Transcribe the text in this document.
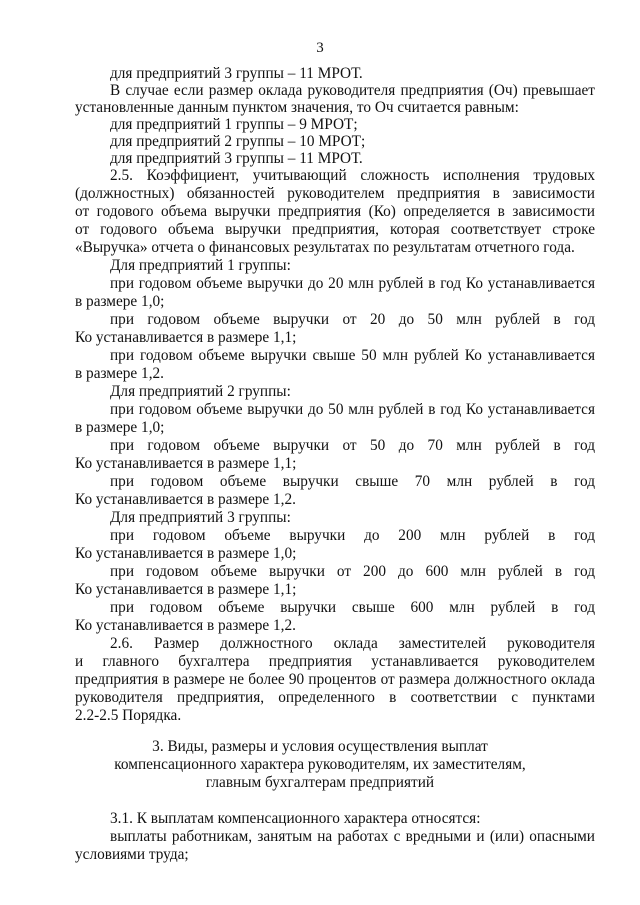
3
для предприятий 3 группы – 11 МРОТ.
В случае если размер оклада руководителя предприятия (Оч) превышает
установленные данным пунктом значения, то Оч считается равным:
для предприятий 1 группы – 9 МРОТ;
для предприятий 2 группы – 10 МРОТ;
для предприятий 3 группы – 11 МРОТ.
2.5. Коэффициент, учитывающий сложность исполнения трудовых
(должностных) обязанностей руководителем предприятия в зависимости
от годового объема выручки предприятия (Ко) определяется в зависимости
от годового объема выручки предприятия, которая соответствует строке
«Выручка» отчета о финансовых результатах по результатам отчетного года.
Для предприятий 1 группы:
при годовом объеме выручки до 20 млн рублей в год Ко устанавливается
в размере 1,0;
при годовом объеме выручки от 20 до 50 млн рублей в год
Ко устанавливается в размере 1,1;
при годовом объеме выручки свыше 50 млн рублей Ко устанавливается
в размере 1,2.
Для предприятий 2 группы:
при годовом объеме выручки до 50 млн рублей в год Ко устанавливается
в размере 1,0;
при годовом объеме выручки от 50 до 70 млн рублей в год
Ко устанавливается в размере 1,1;
при годовом объеме выручки свыше 70 млн рублей в год
Ко устанавливается в размере 1,2.
Для предприятий 3 группы:
при годовом объеме выручки до 200 млн рублей в год
Ко устанавливается в размере 1,0;
при годовом объеме выручки от 200 до 600 млн рублей в год
Ко устанавливается в размере 1,1;
при годовом объеме выручки свыше 600 млн рублей в год
Ко устанавливается в размере 1,2.
2.6. Размер должностного оклада заместителей руководителя
и главного бухгалтера предприятия устанавливается руководителем
предприятия в размере не более 90 процентов от размера должностного оклада
руководителя предприятия, определенного в соответствии с пунктами
2.2-2.5 Порядка.
3. Виды, размеры и условия осуществления выплат
компенсационного характера руководителям, их заместителям,
главным бухгалтерам предприятий
3.1. К выплатам компенсационного характера относятся:
выплаты работникам, занятым на работах с вредными и (или) опасными
условиями труда;
